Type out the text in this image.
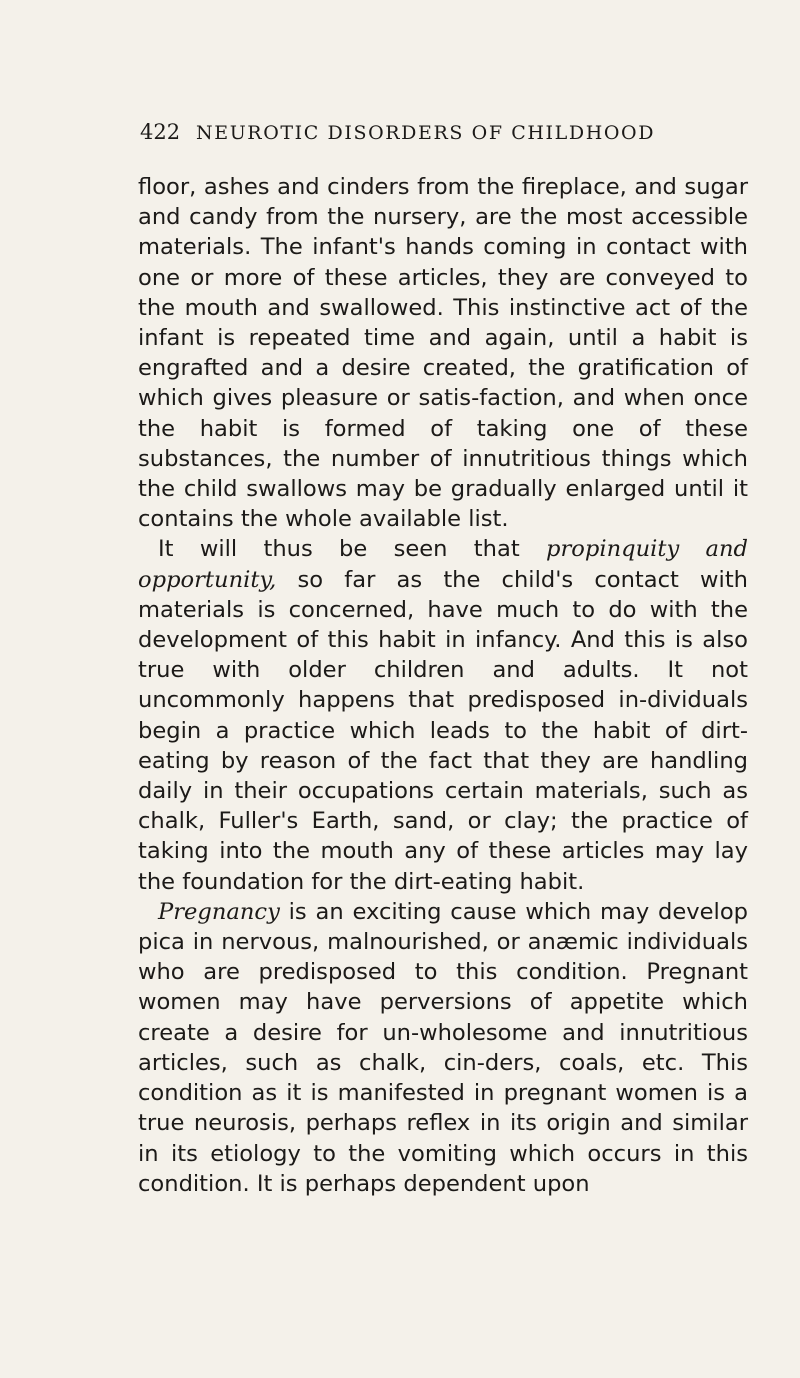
422 NEUROTIC DISORDERS OF CHILDHOOD

floor, ashes and cinders from the fireplace, and sugar and candy from the nursery, are the most accessible materials. The infant's hands coming in contact with one or more of these articles, they are conveyed to the mouth and swallowed. This instinctive act of the infant is repeated time and again, until a habit is engrafted and a desire created, the gratification of which gives pleasure or satis-faction, and when once the habit is formed of taking one of these substances, the number of innutritious things which the child swallows may be gradually enlarged until it contains the whole available list.

It will thus be seen that propinquity and opportunity, so far as the child's contact with materials is concerned, have much to do with the development of this habit in infancy. And this is also true with older children and adults. It not uncommonly happens that predisposed in-dividuals begin a practice which leads to the habit of dirt-eating by reason of the fact that they are handling daily in their occupations certain materials, such as chalk, Fuller's Earth, sand, or clay; the practice of taking into the mouth any of these articles may lay the foundation for the dirt-eating habit.

Pregnancy is an exciting cause which may develop pica in nervous, malnourished, or anæmic individuals who are predisposed to this condition. Pregnant women may have perversions of appetite which create a desire for un-wholesome and innutritious articles, such as chalk, cin-ders, coals, etc. This condition as it is manifested in pregnant women is a true neurosis, perhaps reflex in its origin and similar in its etiology to the vomiting which occurs in this condition. It is perhaps dependent upon
